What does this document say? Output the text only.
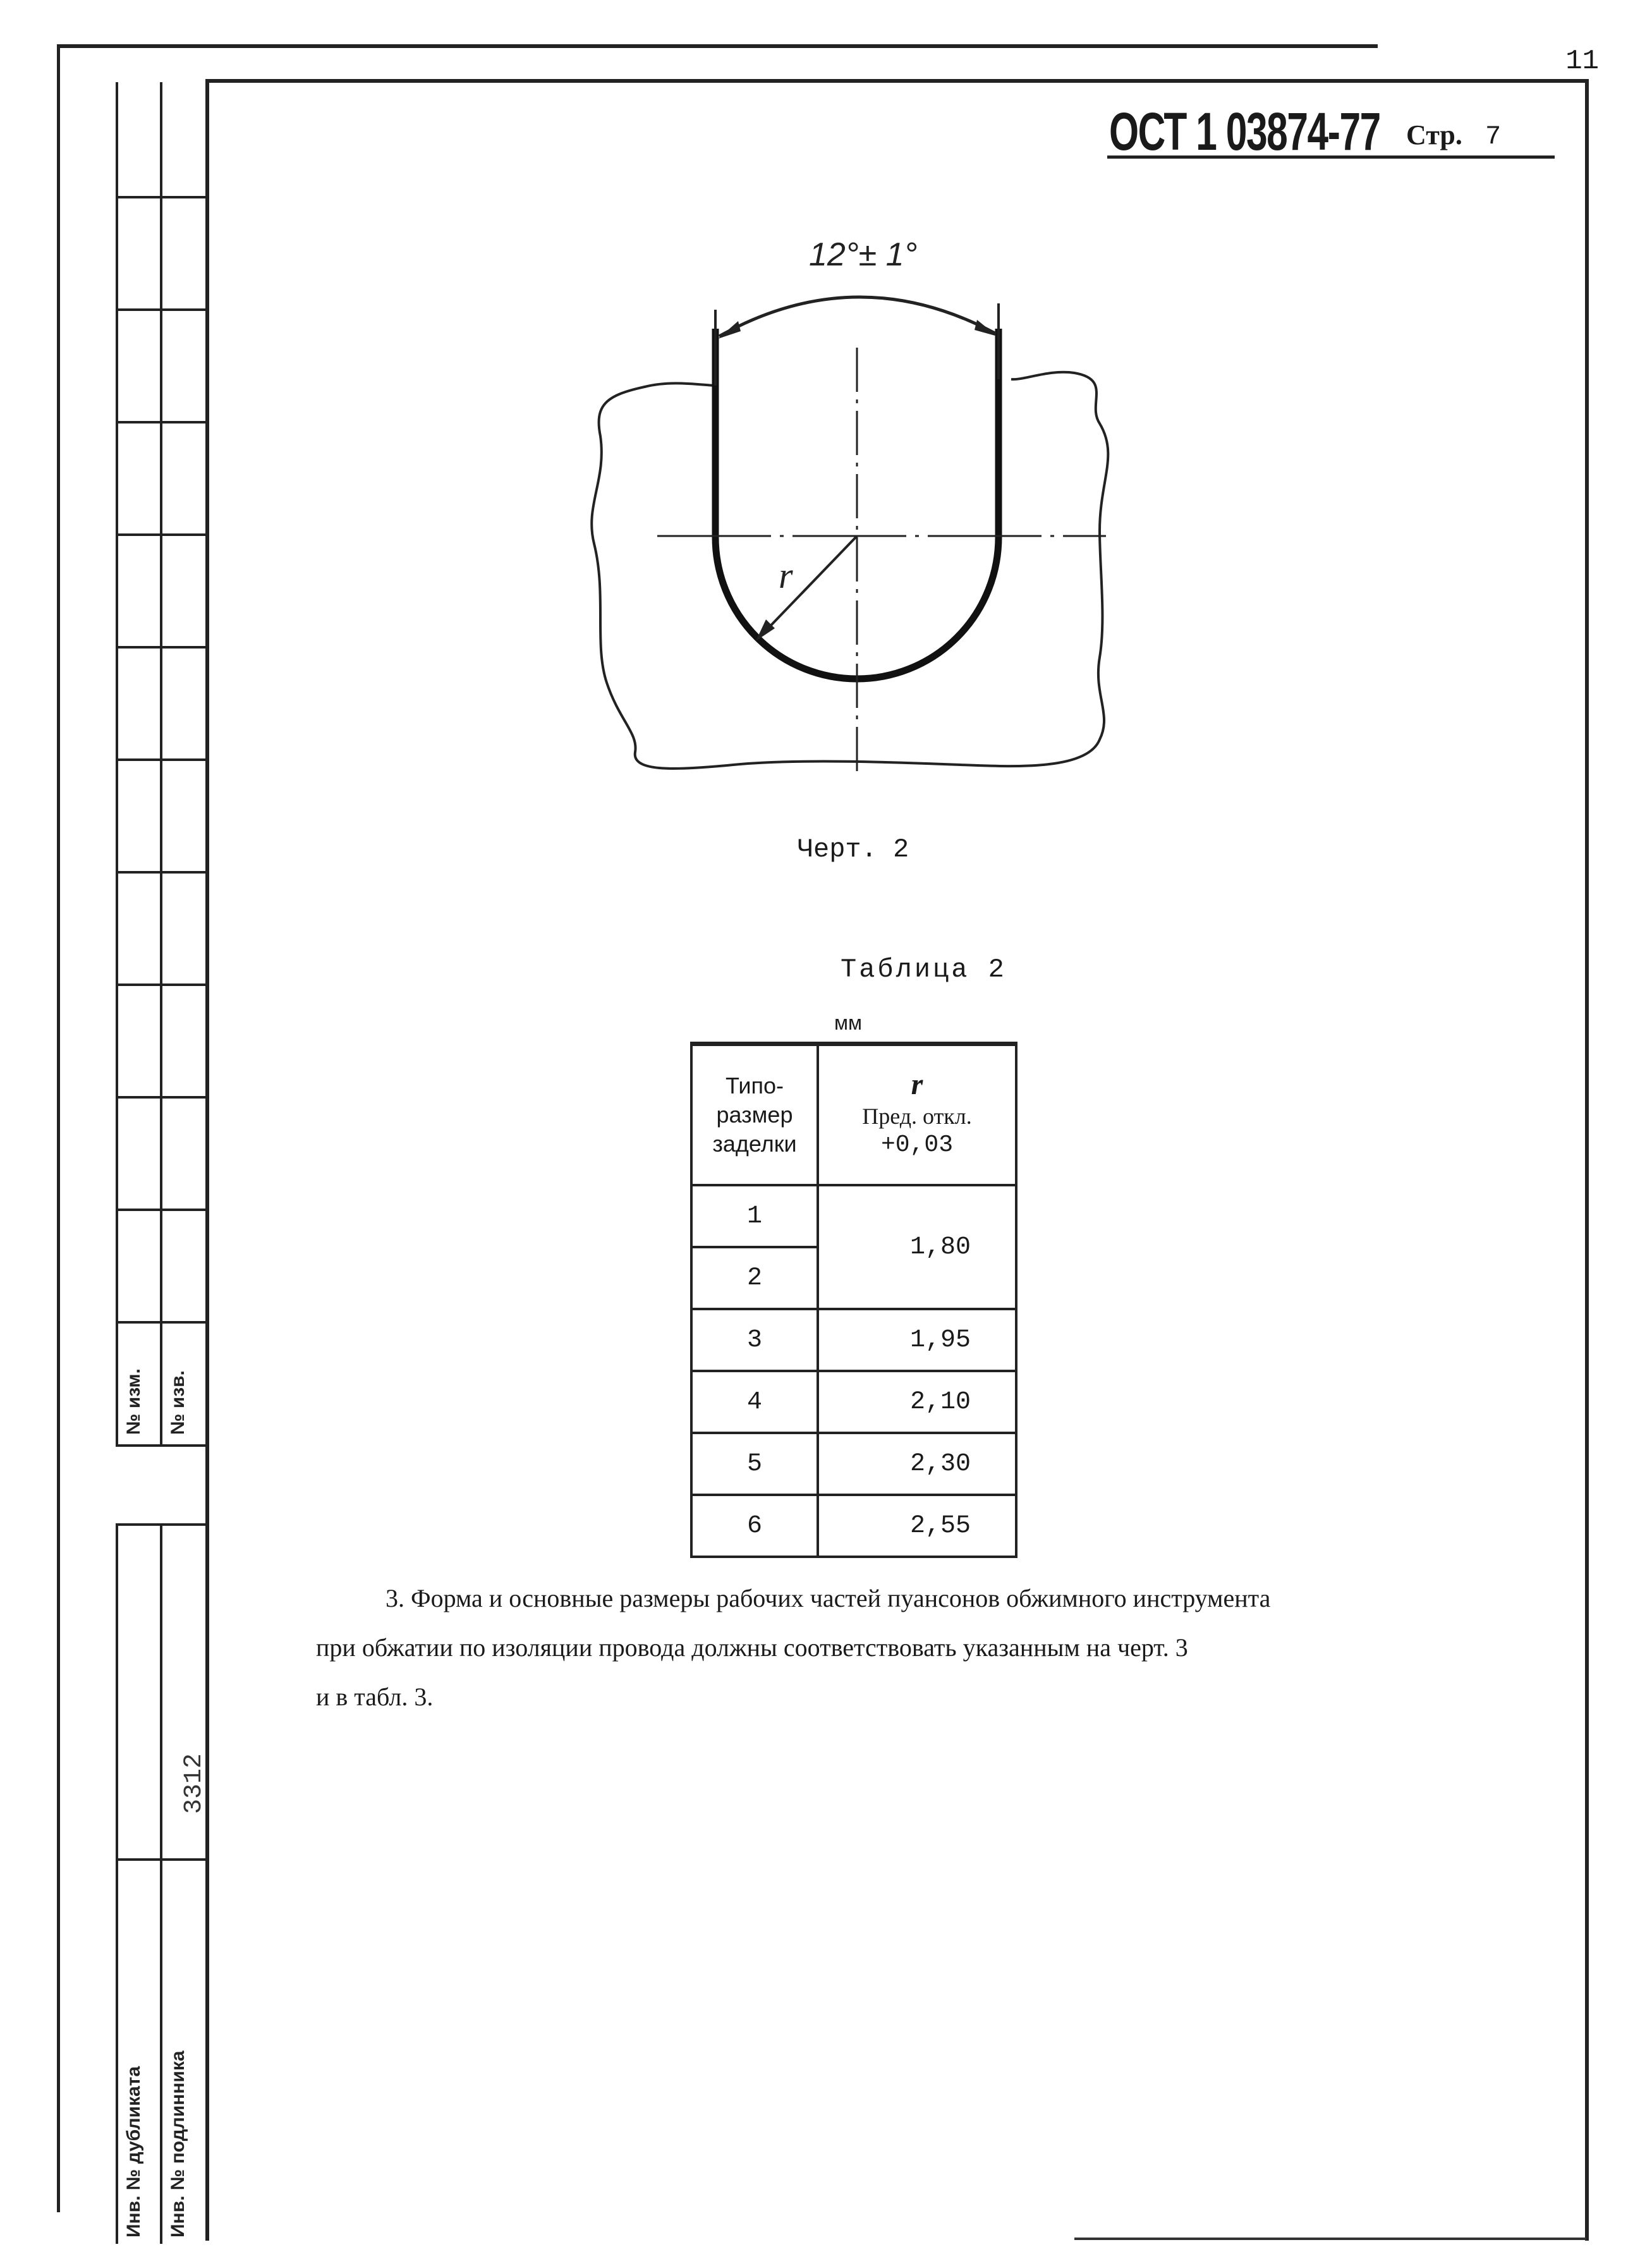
11
№ изм. № изв.
3312
Инв. № дубликата Инв. № подлинника
ОСТ 1 03874-77 Стр. 7
12°± 1°
r
Черт. 2
Таблица 2
мм
Типо-
размер
заделки	r
Пред. откл.
+0,03

1	1,80
2	
3	1,95
4	2,10
5	2,30
6	2,55
3. Форма и основные размеры рабочих частей пуансонов обжимного инструмента
при обжатии по изоляции провода должны соответствовать указанным на черт. 3
и в табл. 3.
